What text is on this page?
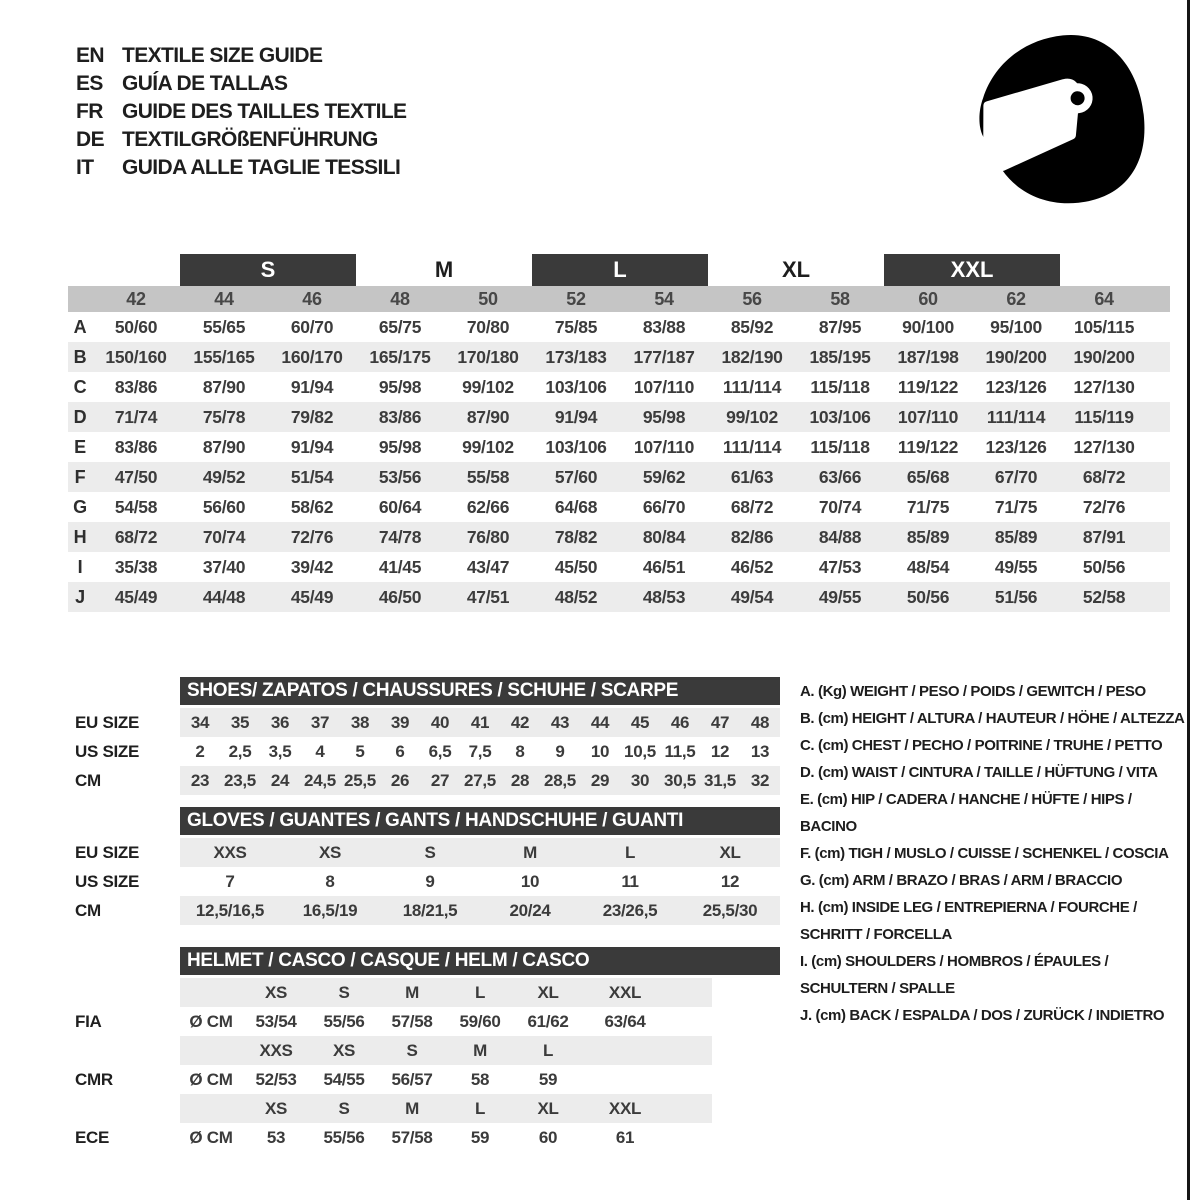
EN TEXTILE SIZE GUIDE
ES GUÍA DE TALLAS
FR GUIDE DES TAILLES TEXTILE
DE TEXTILGRÖßENFÜHRUNG
IT	GUIDA ALLE TAGLIE TESSILI

		S		M		L		XL		XXL			

	42	44	46	48	50	52	54	56	58	60	62	64	
A	50/60	55/65	60/70	65/75	70/80	75/85	83/88	85/92	87/95	90/100	95/100	105/115	
B	150/160	155/165	160/170	165/175	170/180	173/183	177/187	182/190	185/195	187/198	190/200	190/200	
C	83/86	87/90	91/94	95/98	99/102	103/106	107/110	111/114	115/118	119/122	123/126	127/130	
D	71/74	75/78	79/82	83/86	87/90	91/94	95/98	99/102	103/106	107/110	111/114	115/119	
E	83/86	87/90	91/94	95/98	99/102	103/106	107/110	111/114	115/118	119/122	123/126	127/130	
F	47/50	49/52	51/54	53/56	55/58	57/60	59/62	61/63	63/66	65/68	67/70	68/72	
G	54/58	56/60	58/62	60/64	62/66	64/68	66/70	68/72	70/74	71/75	71/75	72/76	
H	68/72	70/74	72/76	74/78	76/80	78/82	80/84	82/86	84/88	85/89	85/89	87/91	
I	35/38	37/40	39/42	41/45	43/47	45/50	46/51	46/52	47/53	48/54	49/55	50/56	
J	45/49	44/48	45/49	46/50	47/51	48/52	48/53	49/54	49/55	50/56	51/56	52/58	
SHOES/ ZAPATOS / CHAUSSURES / SCHUHE / SCARPE
EU SIZE	34	35	36	37	38	39	40	41	42	43	44	45	46	47	48
US SIZE	2	2,5	3,5	4	5	6	6,5	7,5	8	9	10	10,5	11,5	12	13
CM	23	23,5	24	24,5	25,5	26	27	27,5	28	28,5	29	30	30,5	31,5	32
GLOVES / GUANTES / GANTS / HANDSCHUHE / GUANTI
EU SIZE	XXS	XS	S	M	L	XL
US SIZE	7	8	9	10	11	12
CM	12,5/16,5	16,5/19	18/21,5	20/24	23/26,5	25,5/30
HELMET / CASCO / CASQUE / HELM / CASCO
		XS	S	M	L	XL	XXL	
FIA	Ø CM	53/54	55/56	57/58	59/60	61/62	63/64	
		XXS	XS	S	M	L		
CMR	Ø CM	52/53	54/55	56/57	58	59		
		XS	S	M	L	XL	XXL	
ECE	Ø CM	53	55/56	57/58	59	60	61	
A. (Kg) WEIGHT / PESO / POIDS / GEWITCH / PESO
B. (cm) HEIGHT / ALTURA / HAUTEUR / HÖHE / ALTEZZA
C. (cm) CHEST / PECHO / POITRINE / TRUHE / PETTO
D. (cm) WAIST / CINTURA / TAILLE / HÜFTUNG / VITA
E. (cm) HIP / CADERA / HANCHE / HÜFTE / HIPS / BACINO
F. (cm) TIGH / MUSLO / CUISSE / SCHENKEL / COSCIA
G. (cm) ARM / BRAZO / BRAS / ARM / BRACCIO
H. (cm) INSIDE LEG / ENTREPIERNA / FOURCHE / SCHRITT / FORCELLA
I. (cm) SHOULDERS / HOMBROS / ÉPAULES / SCHULTERN / SPALLE
J. (cm) BACK / ESPALDA / DOS / ZURÜCK / INDIETRO
